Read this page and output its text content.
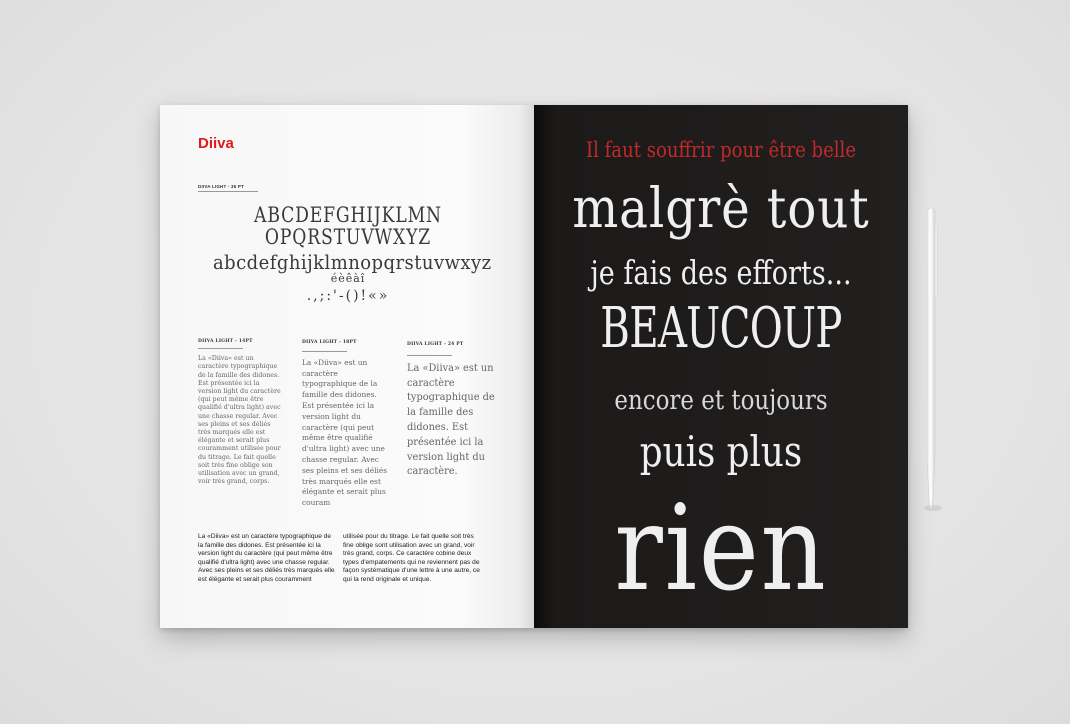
Diiva
DIIVA LIGHT - 35 PT
ABCDEFGHIJKLMN
OPQRSTUVWXYZ
abcdefghijklmnopqrstuvwxyz
éèêàî
.,;:'-()!«»
DIIVA LIGHT - 14PT

La «Diiva» est un caractère typographique de la famille des didones. Est présentée ici la version light du caractère (qui peut même être qualifié d'ultra light) avec une chasse regular. Avec ses pleins et ses déliés très marqués elle est élégante et serait plus couramment utilisée pour du titrage. Le fait quelle soit très fine oblige son utilisation avec un grand, voir très grand, corps.

DIIVA LIGHT - 18PT

La «Diiva» est un caractère typographique de la famille des didones. Est présentée ici la version light du caractère (qui peut même être qualifié d'ultra light) avec une chasse regular. Avec ses pleins et ses déliés très marqués elle est élégante et serait plus couram

DIIVA LIGHT - 24 PT

La «Diiva» est un caractère typographique de la famille des didones. Est présentée ici la version light du caractère.

La «Diiva» est un caractère typographique de la famille des didones. Est présentée ici la version light du caractère (qui peut même être qualifié d'ultra light) avec une chasse regular.

Avec ses pleins et ses déliés très marqués elle est élégante et serait plus couramment

utilisée pour du titrage. Le fait quelle soit très fine oblige sont utilisation avec un grand, voir très grand, corps. Ce caractère cobine deux types d'empatements qui ne reviennent pas de façon systématique d'une lettre à une autre, ce qui la rend originale et unique.

Il faut souffrir pour être belle
malgrè tout
je fais des efforts...
BEAUCOUP
encore et toujours
puis plus
rien
